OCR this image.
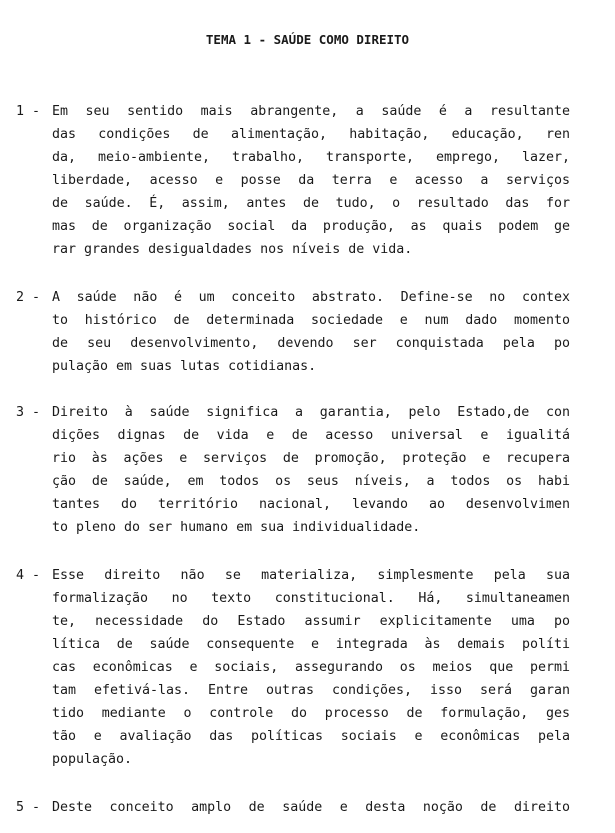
TEMA 1 - SAÚDE COMO DIREITO
1 - Em seu sentido mais abrangente, a saúde é a resultante
das condições de alimentação, habitação, educação, ren
da, meio-ambiente, trabalho, transporte, emprego, lazer,
liberdade, acesso e posse da terra e acesso a serviços
de saúde. É, assim, antes de tudo, o resultado das for
mas de organização social da produção, as quais podem ge
rar grandes desigualdades nos níveis de vida.
2 - A saúde não é um conceito abstrato. Define-se no contex
to histórico de determinada sociedade e num dado momento
de seu desenvolvimento, devendo ser conquistada pela po
pulação em suas lutas cotidianas.
3 - Direito à saúde significa a garantia, pelo Estado,de con
dições dignas de vida e de acesso universal e igualitá
rio às ações e serviços de promoção, proteção e recupera
ção de saúde, em todos os seus níveis, a todos os habi
tantes do território nacional, levando ao desenvolvimen
to pleno do ser humano em sua individualidade.
4 - Esse direito não se materializa, simplesmente pela sua
formalização no texto constitucional. Há, simultaneamen
te, necessidade do Estado assumir explicitamente uma po
lítica de saúde consequente e integrada às demais políti
cas econômicas e sociais, assegurando os meios que permi
tam efetivá-las. Entre outras condições, isso será garan
tido mediante o controle do processo de formulação, ges
tão e avaliação das políticas sociais e econômicas pela
população.
5 - Deste conceito amplo de saúde e desta noção de direito
